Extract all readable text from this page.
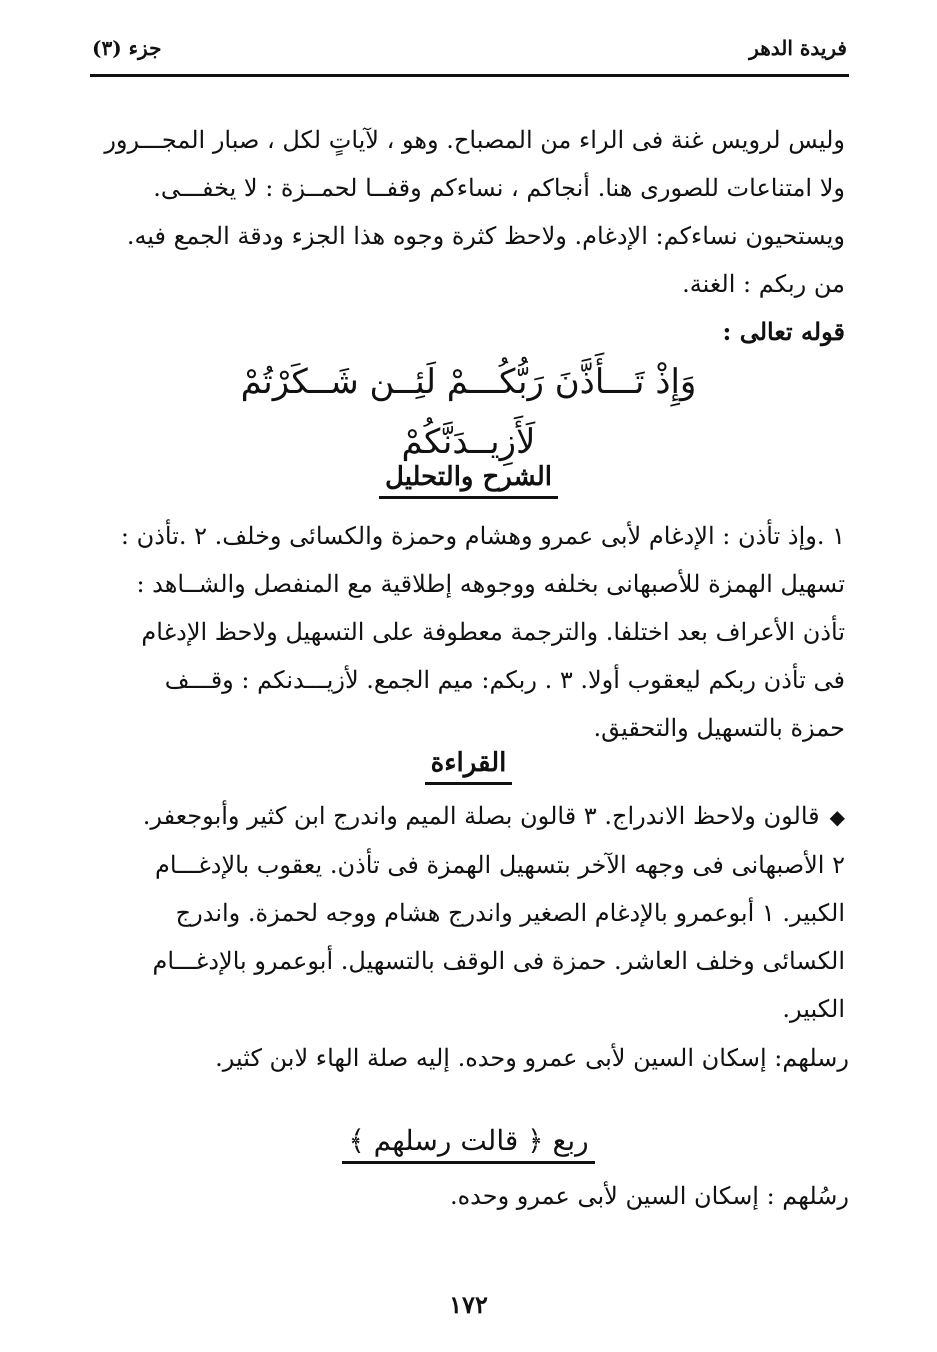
فريدة الدهر
جزء (٣)

وليس لرويس غنة فى الراء من المصباح. وهو ، لآياتٍ لكل ، صبار المجـــرور

ولا امتناعات للصورى هنا. أنجاكم ، نساءكم وقفــا لحمــزة : لا يخفـــى.

ويستحيون نساءكم: الإدغام. ولاحظ كثرة وجوه هذا الجزء ودقة الجمع فيه.

من ربكم : الغنة.

قوله تعالى :

وَإِذْ تَـــأَذَّنَ رَبُّكُـــمْ لَئِــن شَــكَرْتُمْ لَأَزِيــدَنَّكُمْ
الشرح والتحليل

١ .وإذ تأذن : الإدغام لأبى عمرو وهشام وحمزة والكسائى وخلف. ٢ .تأذن :

تسهيل الهمزة للأصبهانى بخلفه ووجوهه إطلاقية مع المنفصل والشــاهد :

تأذن الأعراف بعد اختلفا. والترجمة معطوفة على التسهيل ولاحظ الإدغام

فى تأذن ربكم ليعقوب أولا. ٣ . ربكم: ميم الجمع. لأزيـــدنكم : وقـــف

حمزة بالتسهيل والتحقيق.

القراءة

◆قالون ولاحظ الاندراج. ٣ قالون بصلة الميم واندرج ابن كثير وأبوجعفر.

٢ الأصبهانى فى وجهه الآخر بتسهيل الهمزة فى تأذن. يعقوب بالإدغـــام

الكبير. ١ أبوعمرو بالإدغام الصغير واندرج هشام ووجه لحمزة. واندرج

الكسائى وخلف العاشر. حمزة فى الوقف بالتسهيل. أبوعمرو بالإدغـــام

الكبير.

رسلهم: إسكان السين لأبى عمرو وحده. إليه صلة الهاء لابن كثير.

ربع ﴿ قالت رسلهم ﴾

رسُلهم : إسكان السين لأبى عمرو وحده.

١٧٢
